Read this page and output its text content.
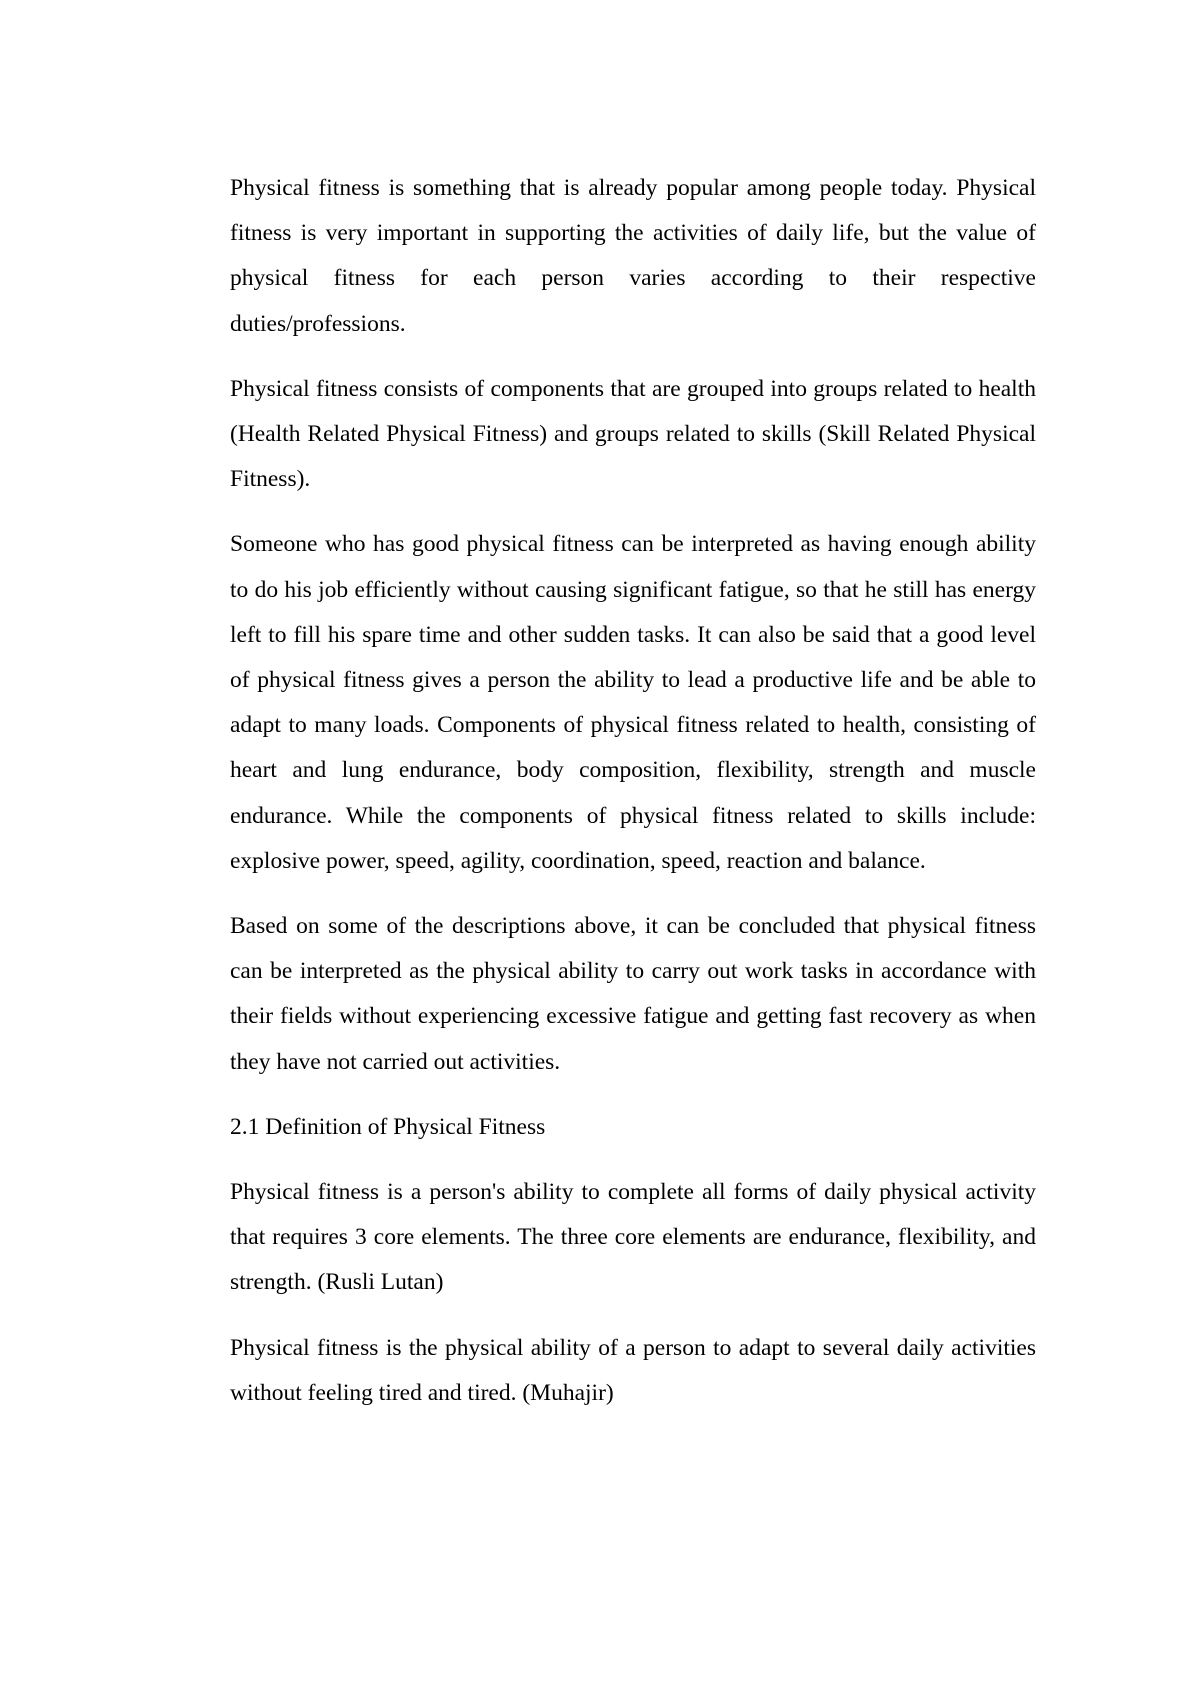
Physical fitness is something that is already popular among people today. Physical fitness is very important in supporting the activities of daily life, but the value of physical fitness for each person varies according to their respective duties/professions.

Physical fitness consists of components that are grouped into groups related to health (Health Related Physical Fitness) and groups related to skills (Skill Related Physical Fitness).

Someone who has good physical fitness can be interpreted as having enough ability to do his job efficiently without causing significant fatigue, so that he still has energy left to fill his spare time and other sudden tasks. It can also be said that a good level of physical fitness gives a person the ability to lead a productive life and be able to adapt to many loads. Components of physical fitness related to health, consisting of heart and lung endurance, body composition, flexibility, strength and muscle endurance. While the components of physical fitness related to skills include: explosive power, speed, agility, coordination, speed, reaction and balance.

Based on some of the descriptions above, it can be concluded that physical fitness can be interpreted as the physical ability to carry out work tasks in accordance with their fields without experiencing excessive fatigue and getting fast recovery as when they have not carried out activities.

2.1 Definition of Physical Fitness

Physical fitness is a person's ability to complete all forms of daily physical activity that requires 3 core elements. The three core elements are endurance, flexibility, and strength. (Rusli Lutan)

Physical fitness is the physical ability of a person to adapt to several daily activities without feeling tired and tired. (Muhajir)
